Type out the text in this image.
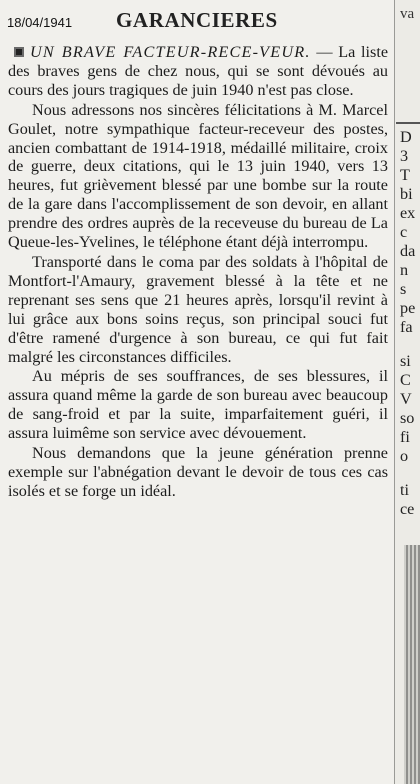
18/04/1941 GARANCIERES

UN BRAVE FACTEUR-RECE-VEUR. — La liste des braves gens de chez nous, qui se sont dévoués au cours des jours tragiques de juin 1940 n'est pas close.

Nous adressons nos sincères félicitations à M. Marcel Goulet, notre sympathique facteur-receveur des postes, ancien combattant de 1914-1918, médaillé militaire, croix de guerre, deux citations, qui le 13 juin 1940, vers 13 heures, fut grièvement blessé par une bombe sur la route de la gare dans l'accomplissement de son devoir, en allant prendre des ordres auprès de la receveuse du bureau de La Queue-les-Yvelines, le téléphone étant déjà interrompu.

Transporté dans le coma par des soldats à l'hôpital de Montfort-l'Amaury, gravement blessé à la tête et ne reprenant ses sens que 21 heures après, lorsqu'il revint à lui grâce aux bons soins reçus, son principal souci fut d'être ramené d'urgence à son bureau, ce qui fut fait malgré les circonstances difficiles.

Au mépris de ses souffrances, de ses blessures, il assura quand même la garde de son bureau avec beaucoup de sang-froid et par la suite, imparfaitement guéri, il assura luimême son service avec dévouement.

Nous demandons que la jeune génération prenne exemple sur l'abnégation devant le devoir de tous ces cas isolés et se forge un idéal.

va
D
3
T
bi
ex
c
da
n
s
pe
fa
si
C
V
so
fi
o
ti
ce
